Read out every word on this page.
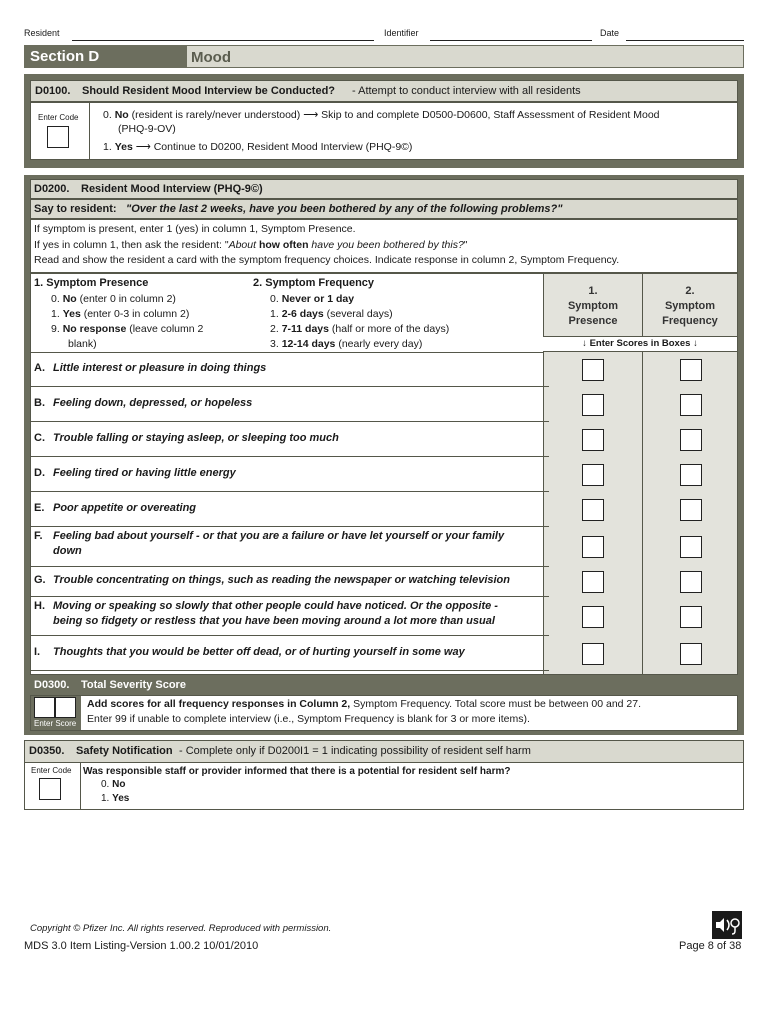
Resident	Identifier	Date
Section D	Mood
D0100. Should Resident Mood Interview be Conducted? - Attempt to conduct interview with all residents
Enter Code 0. No (resident is rarely/never understood) ⟶ Skip to and complete D0500-D0600, Staff Assessment of Resident Mood
(PHQ-9-OV)
1. Yes ⟶ Continue to D0200, Resident Mood Interview (PHQ-9©)
D0200. Resident Mood Interview (PHQ-9©)
Say to resident: "Over the last 2 weeks, have you been bothered by any of the following problems?"
If symptom is present, enter 1 (yes) in column 1, Symptom Presence.
If yes in column 1, then ask the resident: "About how often have you been bothered by this?"
Read and show the resident a card with the symptom frequency choices. Indicate response in column 2, Symptom Frequency.
1. Symptom Presence
0. No (enter 0 in column 2)
1. Yes (enter 0-3 in column 2)
9. No response (leave column 2
blank)
2. Symptom Frequency
0. Never or 1 day
1. 2-6 days (several days)
2. 7-11 days (half or more of the days)
3. 12-14 days (nearly every day)
1.
Symptom
Presence
2.
Symptom
Frequency
↓ Enter Scores in Boxes ↓
A. Little interest or pleasure in doing things
B. Feeling down, depressed, or hopeless
C. Trouble falling or staying asleep, or sleeping too much
D. Feeling tired or having little energy
E. Poor appetite or overeating
F. Feeling bad about yourself - or that you are a failure or have let yourself or your family
down
G. Trouble concentrating on things, such as reading the newspaper or watching television
H. Moving or speaking so slowly that other people could have noticed. Or the opposite -
being so fidgety or restless that you have been moving around a lot more than usual
I. Thoughts that you would be better off dead, or of hurting yourself in some way
D0300. Total Severity Score
Enter Score
Add scores for all frequency responses in Column 2, Symptom Frequency. Total score must be between 00 and 27.
Enter 99 if unable to complete interview (i.e., Symptom Frequency is blank for 3 or more items).
D0350. Safety Notification - Complete only if D0200I1 = 1 indicating possibility of resident self harm
Enter Code Was responsible staff or provider informed that there is a potential for resident self harm?
0. No
1. Yes
Copyright © Pfizer Inc. All rights reserved. Reproduced with permission.
MDS 3.0 Item Listing-Version 1.00.2 10/01/2010	Page 8 of 38
